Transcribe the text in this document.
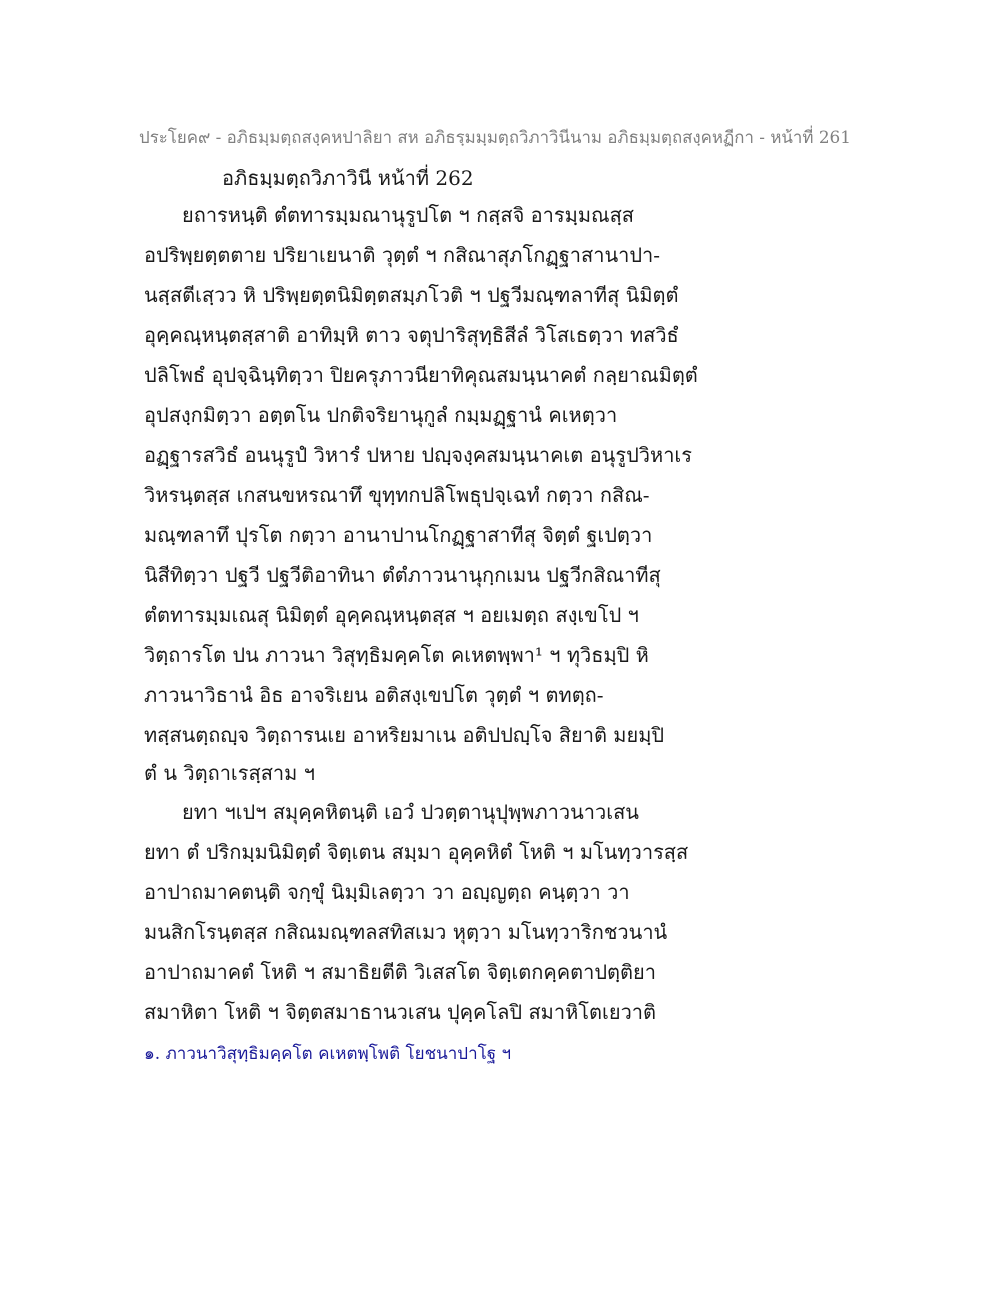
ประโยค๙ - อภิธมฺมตฺถสงฺคหปาลิยา สห อภิธรฺมมฺมตฺถวิภาวินีนาม อภิธมฺมตฺถสงฺคหฏีกา - หน้าที่ 261
อภิธมฺมตฺถวิภาวินี หน้าที่ 262
ยถารหนฺติ ตํตทารมฺมณานุรูปโต ฯ กสฺสจิ อารมฺมณสฺส
อปริพฺยตฺตตาย ปริยาเยนาติ วุตฺตํ ฯ กสิณาสุภโกฏฺฐาสานาปา-
นสฺสตีเสฺวว หิ ปริพฺยตฺตนิมิตฺตสมฺภโวติ ฯ ปฐวีมณฺฑลาทีสุ นิมิตฺตํ
อุคฺคณฺหนฺตสฺสาติ อาทิมฺหิ ตาว จตุปาริสุทฺธิสีลํ วิโสเธตฺวา ทสวิธํ
ปลิโพธํ อุปจฺฉินฺทิตฺวา ปิยครุภาวนียาทิคุณสมนฺนาคตํ กลฺยาณมิตฺตํ
อุปสงฺกมิตฺวา อตฺตโน ปกติจริยานุกูลํ กมฺมฏฺฐานํ คเหตฺวา
อฏฺฐารสวิธํ อนนุรูปํ วิหารํ ปหาย ปญฺจงฺคสมนฺนาคเต อนุรูปวิหาเร
วิหรนฺตสฺส เกสนขหรณาทึ ขุทฺทกปลิโพธุปจฺเฉทํ กตฺวา กสิณ-
มณฺฑลาทึ ปุรโต กตฺวา อานาปานโกฏฺฐาสาทีสุ จิตฺตํ ฐเปตฺวา
นิสีทิตฺวา ปฐวี ปฐวีติอาทินา ตํตํภาวนานุกฺกเมน ปฐวีกสิณาทีสุ
ตํตทารมฺมเณสุ นิมิตฺตํ อุคฺคณฺหนฺตสฺส ฯ อยเมตฺถ สงฺเขโป ฯ
วิตฺถารโต ปน ภาวนา วิสุทฺธิมคฺคโต คเหตพฺพา¹ ฯ ทุวิธมฺปิ หิ
ภาวนาวิธานํ อิธ อาจริเยน อติสงฺเขปโต วุตฺตํ ฯ ตทตฺถ-
ทสฺสนตฺถญฺจ วิตฺถารนเย อาหริยมาเน อติปปญฺโจ สิยาติ มยมฺปิ
ตํ น วิตฺถาเรสฺสาม ฯ
ยทา ฯเปฯ สมุคฺคหิตนฺติ เอวํ ปวตฺตานุปุพฺพภาวนาวเสน
ยทา ตํ ปริกมฺมนิมิตฺตํ จิตฺเตน สมฺมา อุคฺคหิตํ โหติ ฯ มโนทฺวารสฺส
อาปาถมาคตนฺติ จกฺขุํ นิมฺมิเลตฺวา วา อญฺญตฺถ คนฺตฺวา วา
มนสิกโรนฺตสฺส กสิณมณฺฑลสทิสเมว หุตฺวา มโนทฺวาริกชวนานํ
อาปาถมาคตํ โหติ ฯ สมาธิยตีติ วิเสสโต จิตฺเตกคฺคตาปตฺติยา
สมาหิตา โหติ ฯ จิตฺตสมาธานวเสน ปุคฺคโลปิ สมาหิโตเยวาติ
๑. ภาวนาวิสุทฺธิมคฺคโต คเหตพฺโพติ โยชนาปาโฐ ฯ
